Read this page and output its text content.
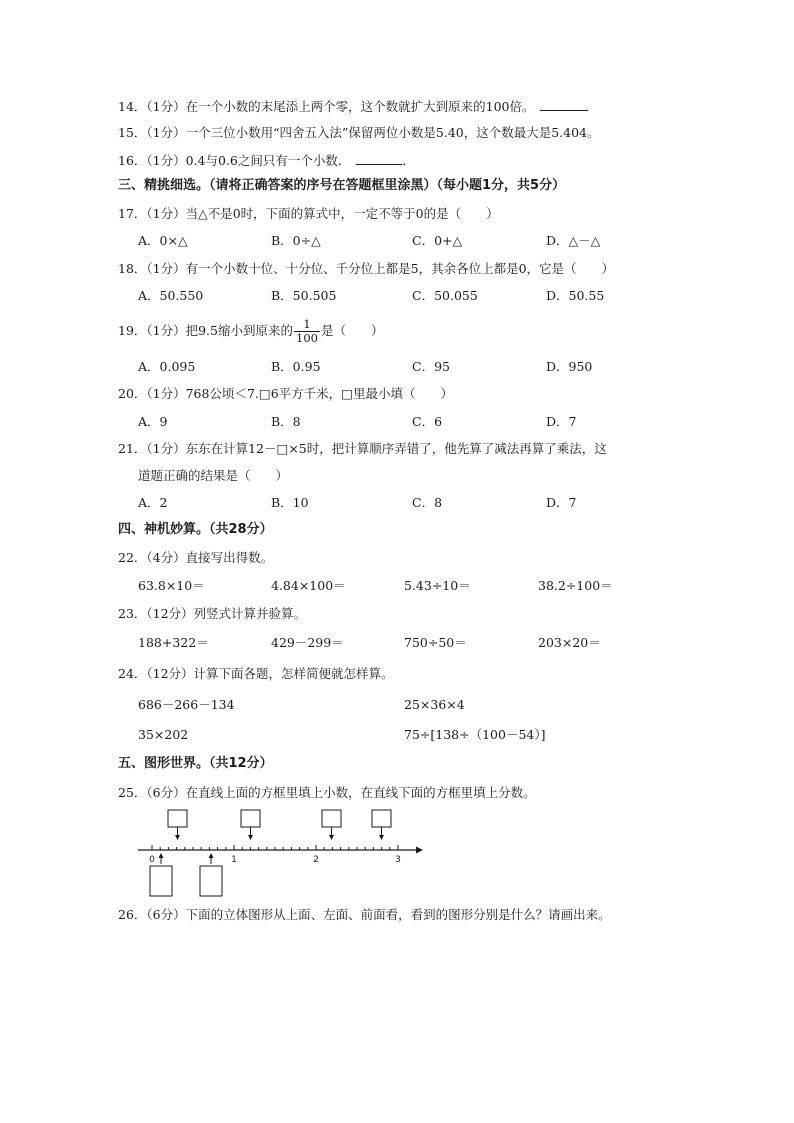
14．（1分）在一个小数的末尾添上两个零，这个数就扩大到原来的100倍。
15．（1分）一个三位小数用“四舍五入法”保留两位小数是5.40，这个数最大是5.404。
16．（1分）0.4与0.6之间只有一个小数．	．
三、精挑细选。（请将正确答案的序号在答题框里涂黑）（每小题1分，共5分）
17．（1分）当△不是0时，下面的算式中，一定不等于0的是（　　）
A．0×△	B．0÷△	C．0+△	D．△－△
18．（1分）有一个小数十位、十分位、千分位上都是5，其余各位上都是0，它是（　　）
A．50.550	B．50.505	C．50.055	D．50.55
19．（1分）把9.5缩小到原来的 $\frac{1}{100}$ 是（　　）
A．0.095	B．0.95	C．95	D．950
20．（1分）768公顷＜7.□6平方千米，□里最小填（　　）
A．9	B．8	C．6	D．7
21．（1分）东东在计算12－□×5时，把计算顺序弄错了，他先算了减法再算了乘法，这
道题正确的结果是（　　）
A．2	B．10	C．8	D．7
四、神机妙算。（共28分）
22．（4分）直接写出得数。
63.8×10＝	4.84×100＝	5.43÷10＝	38.2÷100＝
23．（12分）列竖式计算并验算。
188+322＝	429－299＝	750÷50＝	203×20＝
24．（12分）计算下面各题，怎样简便就怎样算。
686－266－134	25×36×4
35×202	75÷[138÷（100－54）]
五、图形世界。（共12分）
25．（6分）在直线上面的方框里填上小数，在直线下面的方框里填上分数。
0	1	2	3
26．（6分）下面的立体图形从上面、左面、前面看，看到的图形分别是什么？请画出来。
